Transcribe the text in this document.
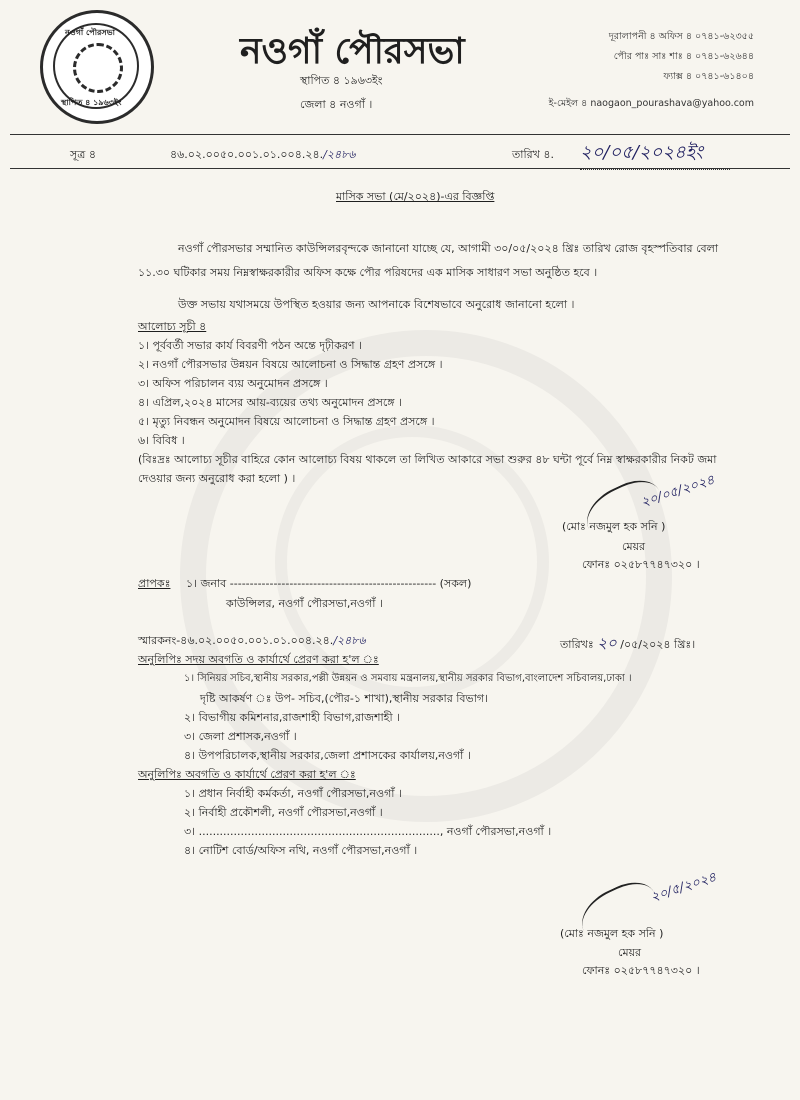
নওগাঁ পৌরসভা
স্থাপিত ৪ ১৯৬৩ইং
নওগাঁ পৌরসভা
স্থাপিত ৪ ১৯৬৩ইং
জেলা ৪ নওগাঁ ।
দূরালাপনী ৪ অফিস ৪ ০৭৪১-৬২৩৫৫
পৌর পাঃ সাঃ শাঃ ৪ ০৭৪১-৬২৬৪৪
ফ্যাক্স ৪ ০৭৪১-৬১৪০৪
ই-মেইল ৪ naogaon_pourashava@yahoo.com
সূত্র ৪	৪৬.০২.০০৫০.০০১.০১.০০৪.২৪./২৪৮৬	তারিখ ৪. ২০/০৫/২০২৪ইং
মাসিক সভা (মে/২০২৪)-এর বিজ্ঞপ্তি
নওগাঁ পৌরসভার সম্মানিত কাউন্সিলরবৃন্দকে জানানো যাচ্ছে যে, আগামী ৩০/০৫/২০২৪ খ্রিঃ তারিখ রোজ বৃহস্পতিবার বেলা
১১.৩০ ঘটিকার সময় নিম্নস্বাক্ষরকারীর অফিস কক্ষে পৌর পরিষদের এক মাসিক সাধারণ সভা অনুষ্ঠিত হবে ।
উক্ত সভায় যথাসময়ে উপস্থিত হওয়ার জন্য আপনাকে বিশেষভাবে অনুরোধ জানানো হলো ।
আলোচ্য সূচী ৪
১। পূর্ববর্তী সভার কার্য বিবরণী পঠন অন্তে দৃঢ়ীকরণ ।
২। নওগাঁ পৌরসভার উন্নয়ন বিষয়ে আলোচনা ও সিদ্ধান্ত গ্রহণ প্রসঙ্গে ।
৩। অফিস পরিচালন ব্যয় অনুমোদন প্রসঙ্গে ।
৪। এপ্রিল,২০২৪ মাসের আয়-ব্যয়ের তথ্য অনুমোদন প্রসঙ্গে ।
৫। মৃত্যু নিবন্ধন অনুমোদন বিষয়ে আলোচনা ও সিদ্ধান্ত গ্রহণ প্রসঙ্গে ।
৬। বিবিধ ।
(বিঃদ্রঃ আলোচ্য সূচীর বাহিরে কোন আলোচ্য বিষয় থাকলে তা লিখিত আকারে সভা শুরুর ৪৮ ঘন্টা পূর্বে নিম্ন স্বাক্ষরকারীর নিকট জমা
দেওয়ার জন্য অনুরোধ করা হলো ) ।	২০/০৫/২০২৪
(মোঃ নজমুল হক সনি )
মেয়র
ফোনঃ ০২৫৮৭৭৪৭৩২০ ।
প্রাপকঃ ১। জনাব ---------------------------------------------------- (সকল)
কাউন্সিলর, নওগাঁ পৌরসভা,নওগাঁ ।
স্মারকনং-৪৬.০২.০০৫০.০০১.০১.০০৪.২৪./২৪৮৬	তারিখঃ ২০ /০৫/২০২৪ খ্রিঃ।
অনুলিপিঃ সদয় অবগতি ও কার্যার্থে প্রেরণ করা হ'ল ঃ
১। সিনিয়র সচিব,স্থানীয় সরকার,পল্লী উন্নয়ন ও সমবায় মন্ত্রনালয়,স্থানীয় সরকার বিভাগ,বাংলাদেশ সচিবালয়,ঢাকা ।
দৃষ্টি আকর্ষণ ঃ উপ- সচিব,(পৌর-১ শাখা),স্থানীয় সরকার বিভাগ।
২। বিভাগীয় কমিশনার,রাজশাহী বিভাগ,রাজশাহী ।
৩। জেলা প্রশাসক,নওগাঁ ।
৪। উপপরিচালক,স্থানীয় সরকার,জেলা প্রশাসকের কার্যালয়,নওগাঁ ।
অনুলিপিঃ অবগতি ও কার্যার্থে প্রেরণ করা হ'ল ঃ
১। প্রধান নির্বাহী কর্মকর্তা, নওগাঁ পৌরসভা,নওগাঁ ।
২। নির্বাহী প্রকৌশলী, নওগাঁ পৌরসভা,নওগাঁ ।
৩। ....................................................................., নওগাঁ পৌরসভা,নওগাঁ ।
৪। নোটিশ বোর্ড/অফিস নথি, নওগাঁ পৌরসভা,নওগাঁ ।
২০/৫/২০২৪
(মোঃ নজমুল হক সনি )
মেয়র
ফোনঃ ০২৫৮৭৭৪৭৩২০ ।
